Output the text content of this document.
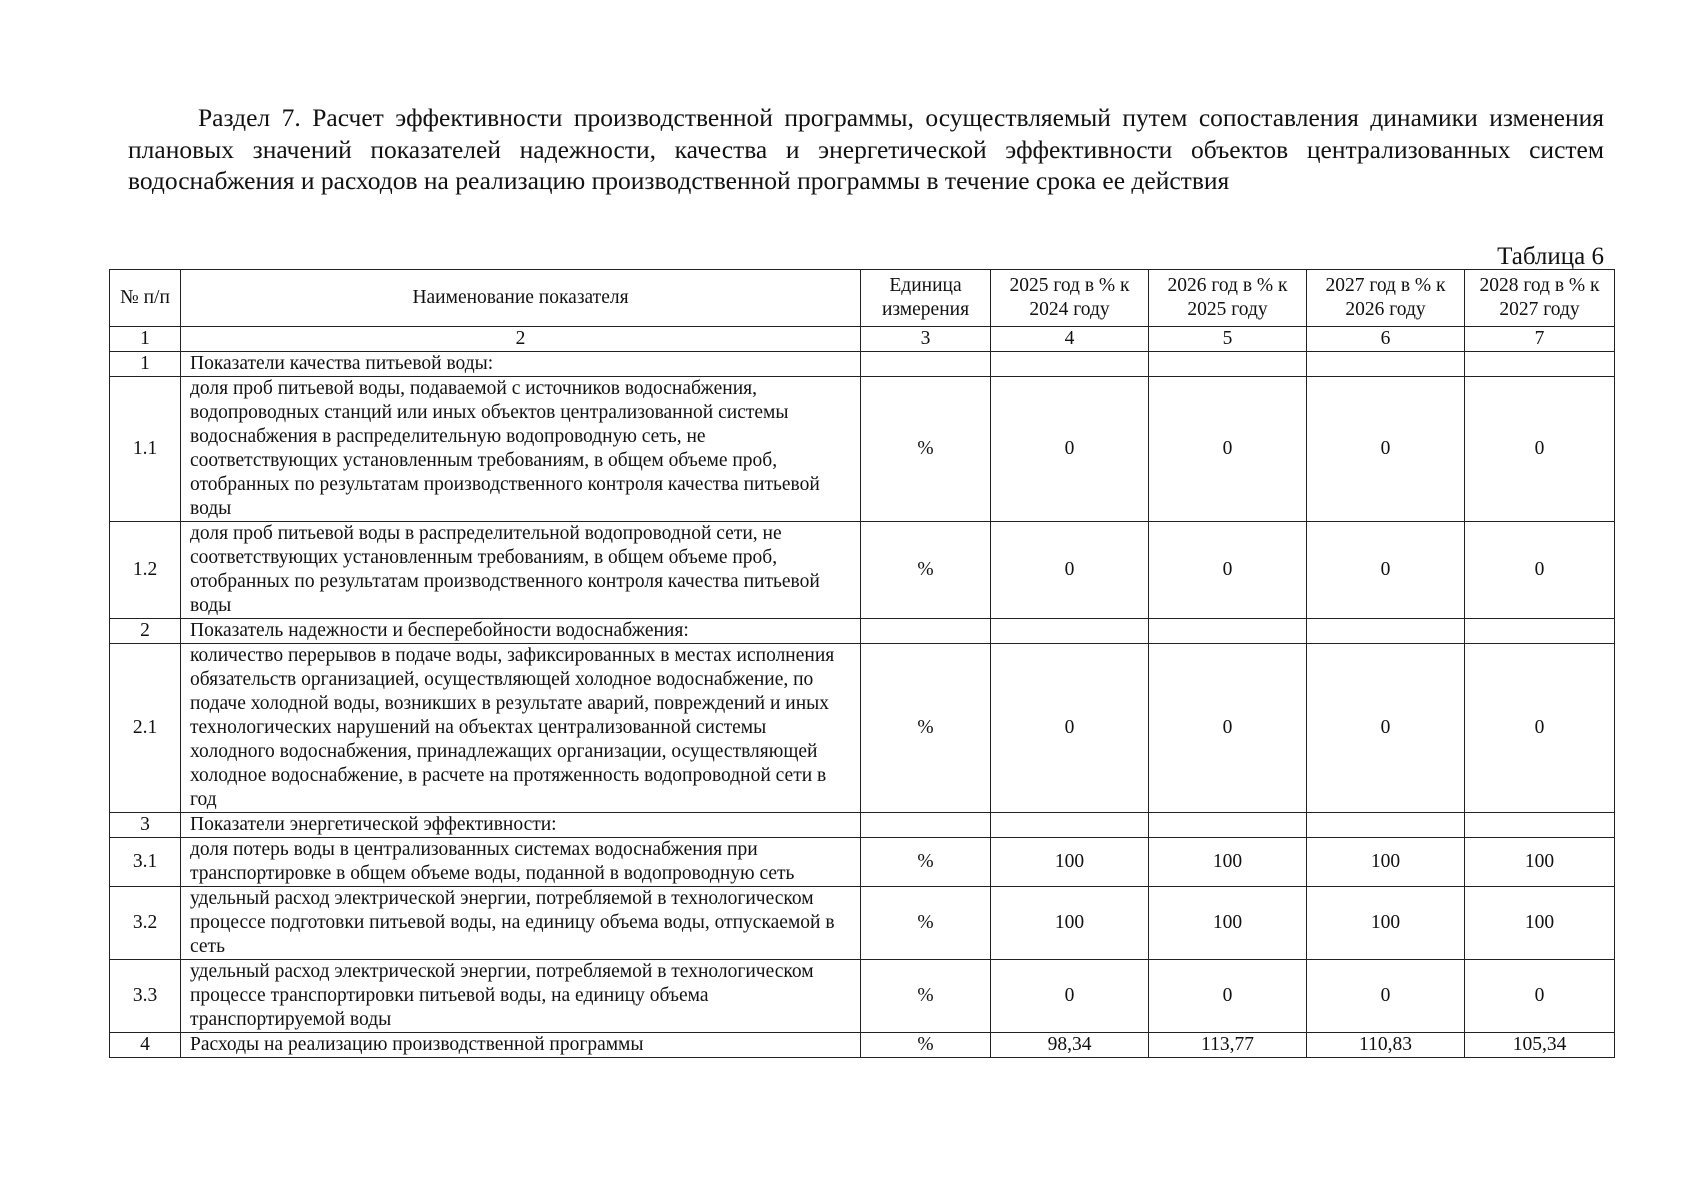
Раздел 7. Расчет эффективности производственной программы, осуществляемый путем сопоставления динамики изменения плановых значений показателей надежности, качества и энергетической эффективности объектов централизованных систем водоснабжения и расходов на реализацию производственной программы в течение срока ее действия

Таблица 6
№ п/п	Наименование показателя	Единица измерения	2025 год в % к 2024 году	2026 год в % к 2025 году	2027 год в % к 2026 году	2028 год в % к 2027 году
1	2	3	4	5	6	7
1	Показатели качества питьевой воды:					
1.1	доля проб питьевой воды, подаваемой с источников водоснабжения, водопроводных станций или иных объектов централизованной системы водоснабжения в распределительную водопроводную сеть, не соответствующих установленным требованиям, в общем объеме проб, отобранных по результатам производственного контроля качества питьевой воды	%	0	0	0	0
1.2	доля проб питьевой воды в распределительной водопроводной сети, не соответствующих установленным требованиям, в общем объеме проб, отобранных по результатам производственного контроля качества питьевой воды	%	0	0	0	0
2	Показатель надежности и бесперебойности водоснабжения:					
2.1	количество перерывов в подаче воды, зафиксированных в местах исполнения обязательств организацией, осуществляющей холодное водоснабжение, по подаче холодной воды, возникших в результате аварий, повреждений и иных технологических нарушений на объектах централизованной системы холодного водоснабжения, принадлежащих организации, осуществляющей холодное водоснабжение, в расчете на протяженность водопроводной сети в год	%	0	0	0	0
3	Показатели энергетической эффективности:					
3.1	доля потерь воды в централизованных системах водоснабжения при транспортировке в общем объеме воды, поданной в водопроводную сеть	%	100	100	100	100
3.2	удельный расход электрической энергии, потребляемой в технологическом процессе подготовки питьевой воды, на единицу объема воды, отпускаемой в сеть	%	100	100	100	100
3.3	удельный расход электрической энергии, потребляемой в технологическом процессе транспортировки питьевой воды, на единицу объема транспортируемой воды	%	0	0	0	0
4	Расходы на реализацию производственной программы	%	98,34	113,77	110,83	105,34
